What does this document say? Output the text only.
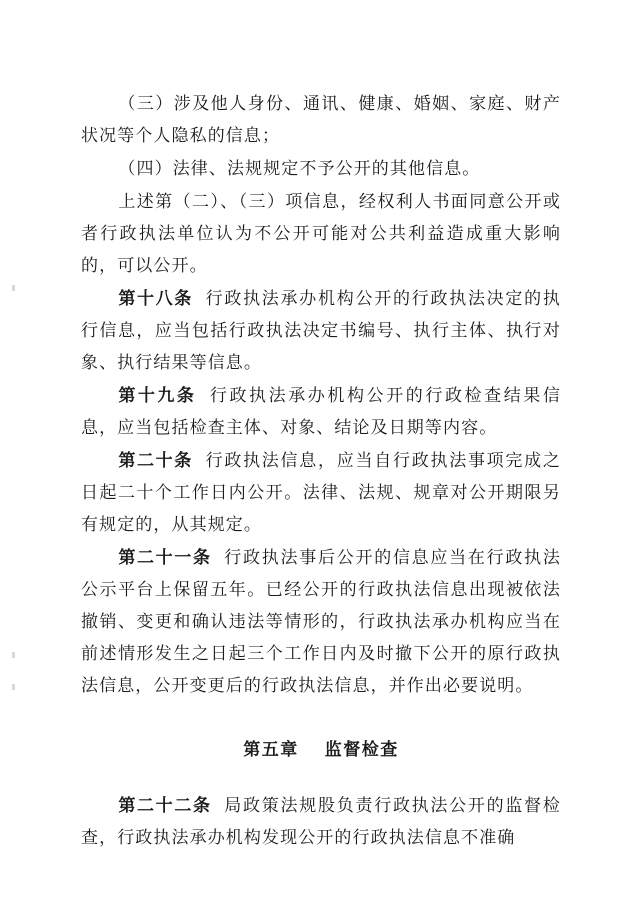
（三）涉及他人身份、通讯、健康、婚姻、家庭、财产状况等个人隐私的信息；

（四）法律、法规规定不予公开的其他信息。

上述第（二）、（三）项信息，经权利人书面同意公开或者行政执法单位认为不公开可能对公共利益造成重大影响的，可以公开。

第十八条 行政执法承办机构公开的行政执法决定的执行信息，应当包括行政执法决定书编号、执行主体、执行对象、执行结果等信息。

第十九条 行政执法承办机构公开的行政检查结果信息，应当包括检查主体、对象、结论及日期等内容。

第二十条 行政执法信息，应当自行政执法事项完成之日起二十个工作日内公开。法律、法规、规章对公开期限另有规定的，从其规定。

第二十一条 行政执法事后公开的信息应当在行政执法公示平台上保留五年。已经公开的行政执法信息出现被依法撤销、变更和确认违法等情形的，行政执法承办机构应当在前述情形发生之日起三个工作日内及时撤下公开的原行政执法信息，公开变更后的行政执法信息，并作出必要说明。

第五章 监督检查

第二十二条 局政策法规股负责行政执法公开的监督检查，行政执法承办机构发现公开的行政执法信息不准确
